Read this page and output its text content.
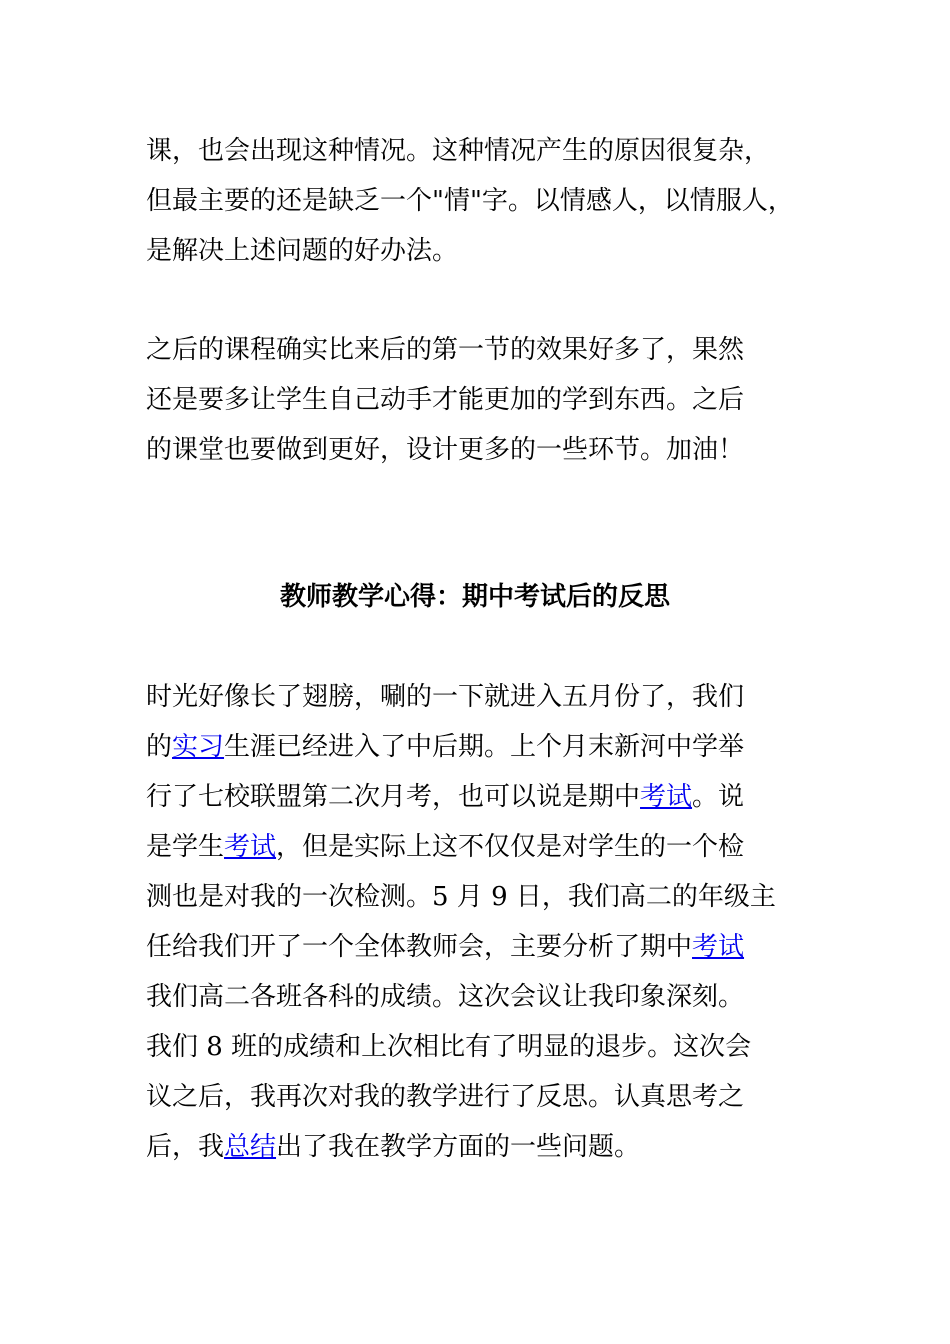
课，也会出现这种情况。这种情况产生的原因很复杂，
但最主要的还是缺乏一个"情"字。以情感人，以情服人，
是解决上述问题的好办法。

之后的课程确实比来后的第一节的效果好多了，果然
还是要多让学生自己动手才能更加的学到东西。之后
的课堂也要做到更好，设计更多的一些环节。加油！

教师教学心得：期中考试后的反思

时光好像长了翅膀，唰的一下就进入五月份了，我们
的实习生涯已经进入了中后期。上个月末新河中学举
行了七校联盟第二次月考，也可以说是期中考试。说
是学生考试，但是实际上这不仅仅是对学生的一个检
测也是对我的一次检测。5 月 9 日，我们高二的年级主
任给我们开了一个全体教师会，主要分析了期中考试
我们高二各班各科的成绩。这次会议让我印象深刻。
我们 8 班的成绩和上次相比有了明显的退步。这次会
议之后，我再次对我的教学进行了反思。认真思考之
后，我总结出了我在教学方面的一些问题。
